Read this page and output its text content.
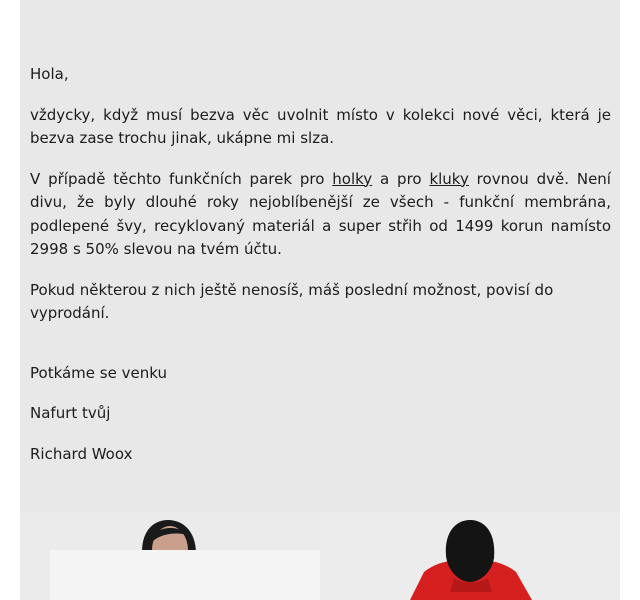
Hola,

vždycky, když musí bezva věc uvolnit místo v kolekci nové věci, která je bezva zase trochu jinak, ukápne mi slza.

V případě těchto funkčních parek pro holky a pro kluky rovnou dvě. Není divu, že byly dlouhé roky nejoblíbenější ze všech - funkční membrána, podlepené švy, recyklovaný materiál a super střih od 1499 korun namísto 2998 s 50% slevou na tvém účtu.

Pokud některou z nich ještě nenosíš, máš poslední možnost, povisí do vyprodání.

Potkáme se venku

Nafurt tvůj

Richard Woox
